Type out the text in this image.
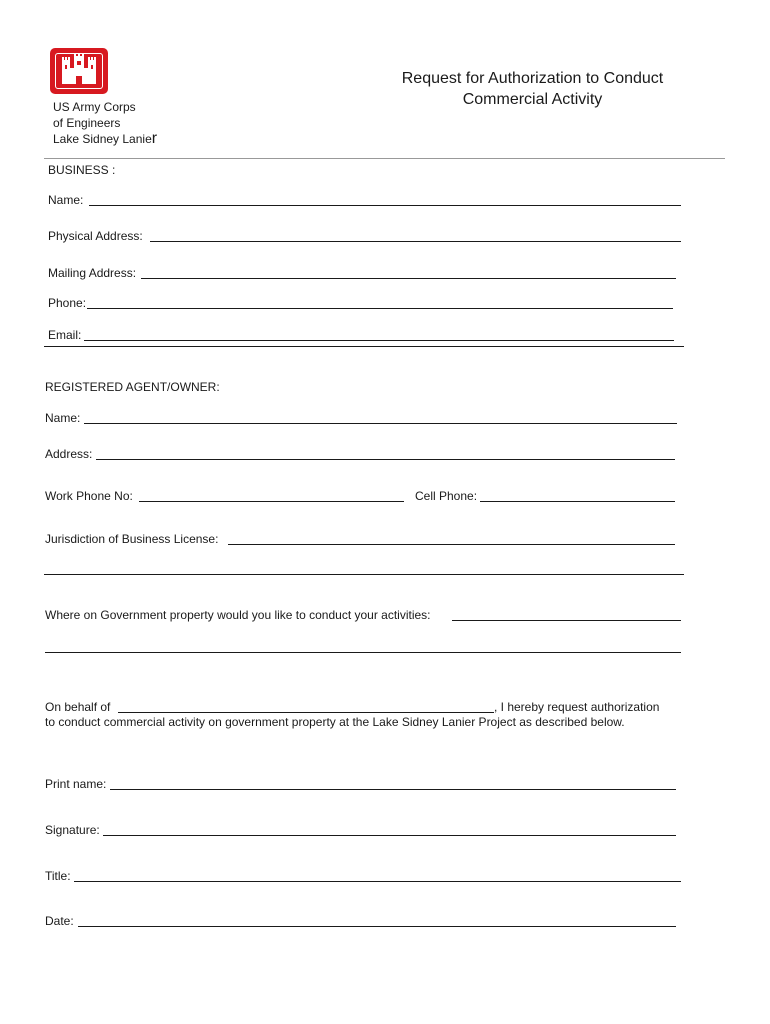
US Army Corps
of Engineers
Lake Sidney Lanier
Request for Authorization to Conduct
Commercial Activity
BUSINESS :
Name:
Physical Address:
Mailing Address:
Phone:
Email:
REGISTERED AGENT/OWNER:
Name:
Address:
Work Phone No:	Cell Phone:
Jurisdiction of Business License:
Where on Government property would you like to conduct your activities:
On behalf of	, I hereby request authorization
to conduct commercial activity on government property at the Lake Sidney Lanier Project as described below.
Print name:
Signature:
Title:
Date:
